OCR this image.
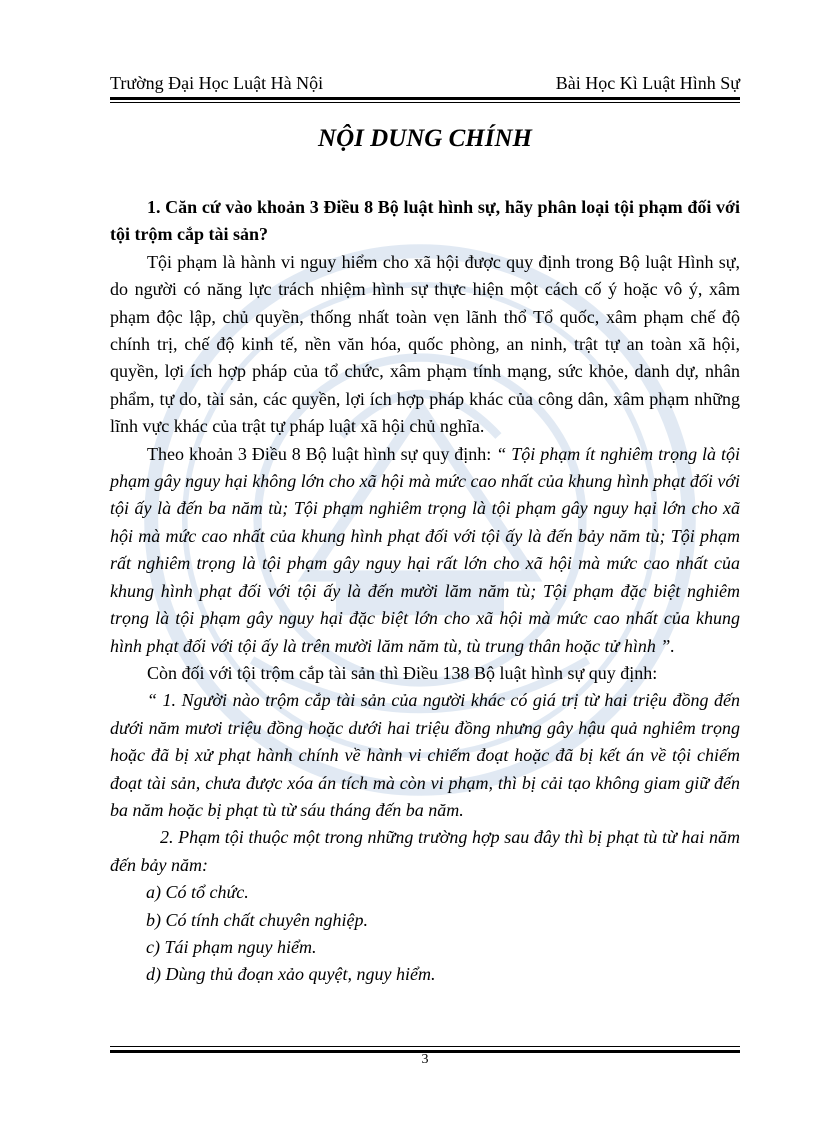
Trường Đại Học Luật Hà Nội	Bài Học Kì Luật Hình Sự
NỘI DUNG CHÍNH

1. Căn cứ vào khoản 3 Điều 8 Bộ luật hình sự, hãy phân loại tội phạm đối với tội trộm cắp tài sản?

Tội phạm là hành vi nguy hiểm cho xã hội được quy định trong Bộ luật Hình sự, do người có năng lực trách nhiệm hình sự thực hiện một cách cố ý hoặc vô ý, xâm phạm độc lập, chủ quyền, thống nhất toàn vẹn lãnh thổ Tổ quốc, xâm phạm chế độ chính trị, chế độ kinh tế, nền văn hóa, quốc phòng, an ninh, trật tự an toàn xã hội, quyền, lợi ích hợp pháp của tổ chức, xâm phạm tính mạng, sức khỏe, danh dự, nhân phẩm, tự do, tài sản, các quyền, lợi ích hợp pháp khác của công dân, xâm phạm những lĩnh vực khác của trật tự pháp luật xã hội chủ nghĩa.

Theo khoản 3 Điều 8 Bộ luật hình sự quy định: “ Tội phạm ít nghiêm trọng là tội phạm gây nguy hại không lớn cho xã hội mà mức cao nhất của khung hình phạt đối với tội ấy là đến ba năm tù; Tội phạm nghiêm trọng là tội phạm gây nguy hại lớn cho xã hội mà mức cao nhất của khung hình phạt đối với tội ấy là đến bảy năm tù; Tội phạm rất nghiêm trọng là tội phạm gây nguy hại rất lớn cho xã hội mà mức cao nhất của khung hình phạt đối với tội ấy là đến mười lăm năm tù; Tội phạm đặc biệt nghiêm trọng là tội phạm gây nguy hại đặc biệt lớn cho xã hội mà mức cao nhất của khung hình phạt đối với tội ấy là trên mười lăm năm tù, tù trung thân hoặc tử hình ”.

Còn đối với tội trộm cắp tài sản thì Điều 138 Bộ luật hình sự quy định:

“ 1. Người nào trộm cắp tài sản của người khác có giá trị từ hai triệu đồng đến dưới năm mươi triệu đồng hoặc dưới hai triệu đồng nhưng gây hậu quả nghiêm trọng hoặc đã bị xử phạt hành chính về hành vi chiếm đoạt hoặc đã bị kết án về tội chiếm đoạt tài sản, chưa được xóa án tích mà còn vi phạm, thì bị cải tạo không giam giữ đến ba năm hoặc bị phạt tù từ sáu tháng đến ba năm.

2. Phạm tội thuộc một trong những trường hợp sau đây thì bị phạt tù từ hai năm đến bảy năm:

a) Có tổ chức.

b) Có tính chất chuyên nghiệp.

c) Tái phạm nguy hiểm.

d) Dùng thủ đoạn xảo quyệt, nguy hiểm.

3
